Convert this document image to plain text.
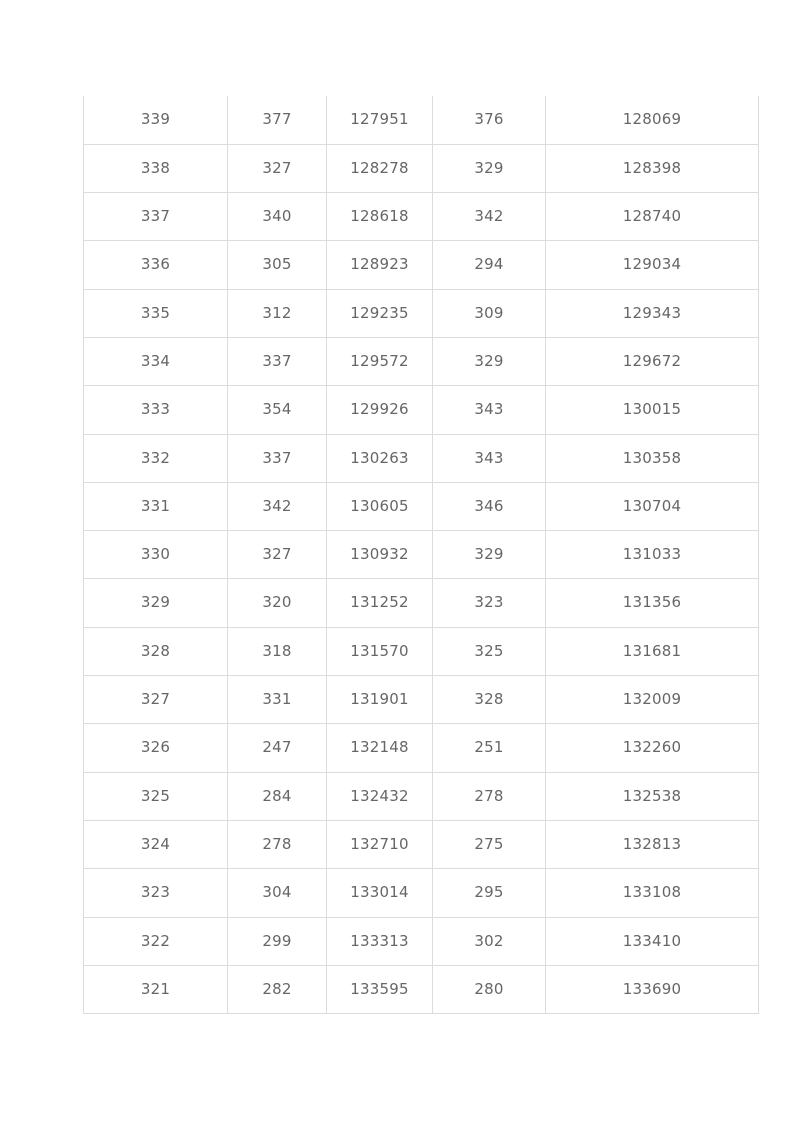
339	377	127951	376	128069
338	327	128278	329	128398
337	340	128618	342	128740
336	305	128923	294	129034
335	312	129235	309	129343
334	337	129572	329	129672
333	354	129926	343	130015
332	337	130263	343	130358
331	342	130605	346	130704
330	327	130932	329	131033
329	320	131252	323	131356
328	318	131570	325	131681
327	331	131901	328	132009
326	247	132148	251	132260
325	284	132432	278	132538
324	278	132710	275	132813
323	304	133014	295	133108
322	299	133313	302	133410
321	282	133595	280	133690
